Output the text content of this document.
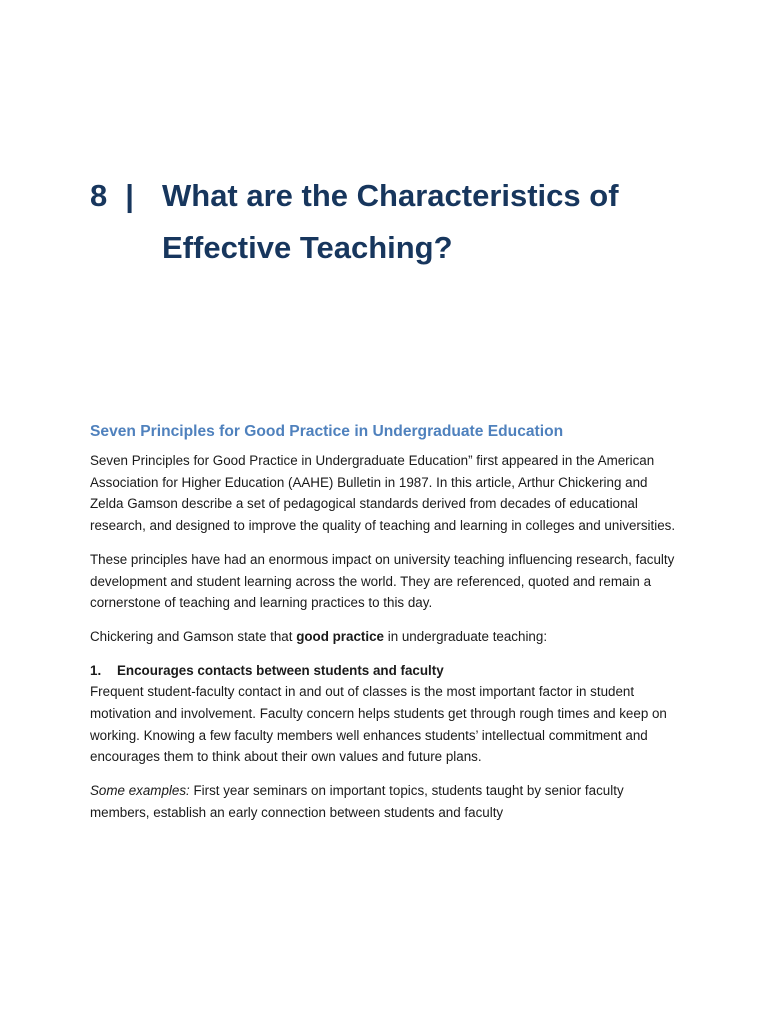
8 | What are the Characteristics of
Effective Teaching?
Seven Principles for Good Practice in Undergraduate Education

Seven Principles for Good Practice in Undergraduate Education” first appeared in the American Association for Higher Education (AAHE) Bulletin in 1987. In this article, Arthur Chickering and Zelda Gamson describe a set of pedagogical standards derived from decades of educational research, and designed to improve the quality of teaching and learning in colleges and universities.

These principles have had an enormous impact on university teaching influencing research, faculty development and student learning across the world. They are referenced, quoted and remain a cornerstone of teaching and learning practices to this day.

Chickering and Gamson state that good practice in undergraduate teaching:

1.	Encourages contacts between students and faculty

Frequent student-faculty contact in and out of classes is the most important factor in student motivation and involvement. Faculty concern helps students get through rough times and keep on working. Knowing a few faculty members well enhances students’ intellectual commitment and encourages them to think about their own values and future plans.

Some examples: First year seminars on important topics, students taught by senior faculty members, establish an early connection between students and faculty
